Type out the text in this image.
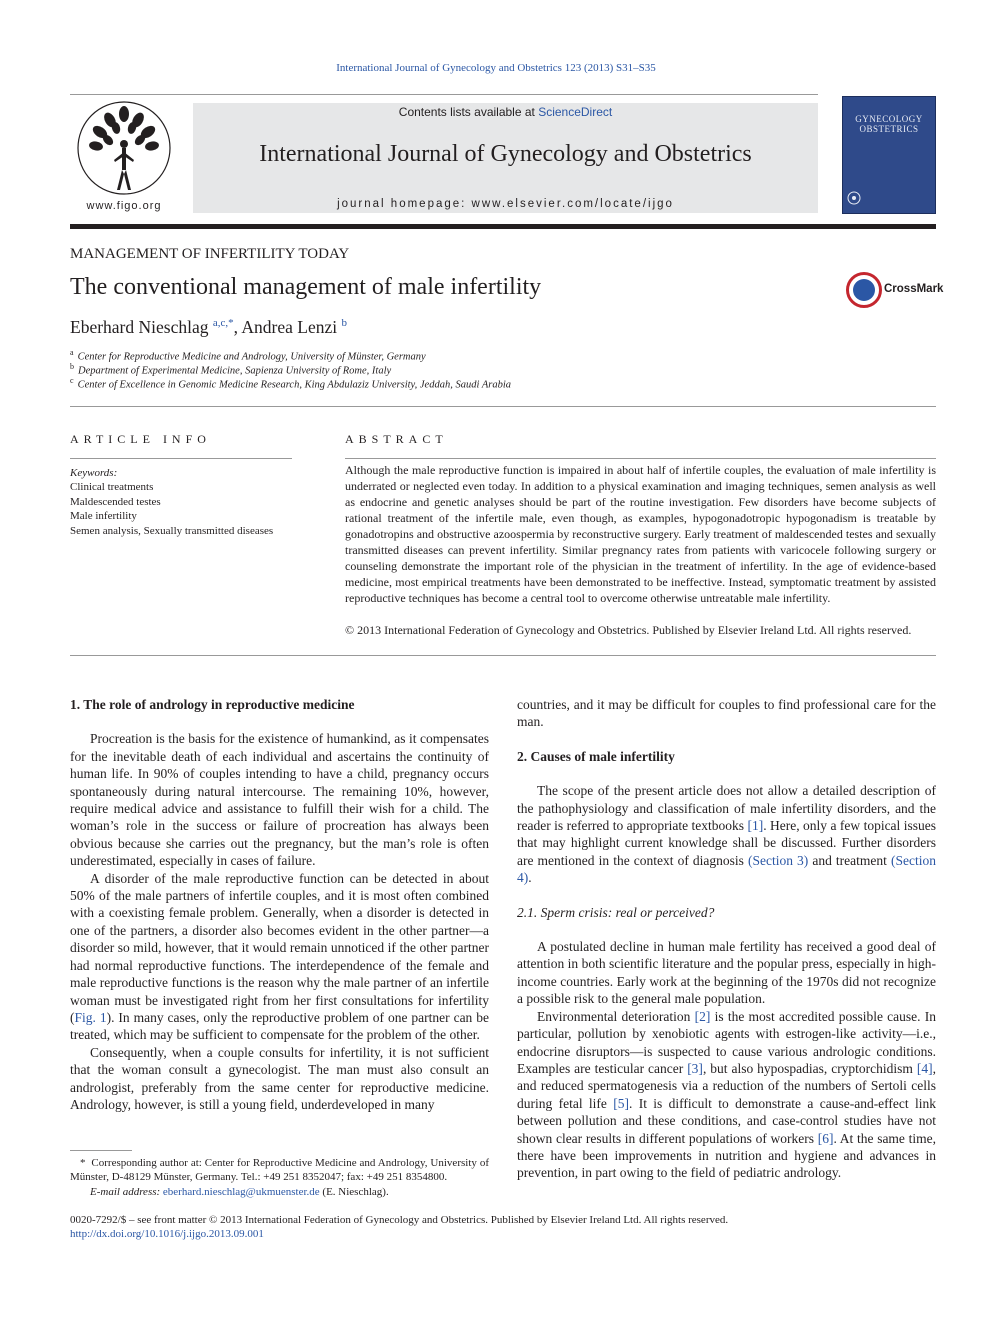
International Journal of Gynecology and Obstetrics 123 (2013) S31–S35
www.figo.org
Contents lists available at ScienceDirect
International Journal of Gynecology and Obstetrics
journal homepage: www.elsevier.com/locate/ijgo
GYNECOLOGY
OBSTETRICS
MANAGEMENT OF INFERTILITY TODAY
The conventional management of male infertility	CrossMark
Eberhard Nieschlag $^{a,c,*}$, Andrea Lenzi $^b$
$^a$ Center for Reproductive Medicine and Andrology, University of Münster, Germany
$^b$ Department of Experimental Medicine, Sapienza University of Rome, Italy
$^c$ Center of Excellence in Genomic Medicine Research, King Abdulaziz University, Jeddah, Saudi Arabia
ARTICLE INFO
Keywords:
Clinical treatments
Maldescended testes
Male infertility
Semen analysis, Sexually transmitted diseases
ABSTRACT
Although the male reproductive function is impaired in about half of infertile couples, the evaluation of male infertility is underrated or neglected even today. In addition to a physical examination and imaging techniques, semen analysis as well as endocrine and genetic analyses should be part of the routine investigation. Few disorders have become subjects of rational treatment of the infertile male, even though, as examples, hypogonadotropic hypogonadism is treatable by gonadotropins and obstructive azoospermia by reconstructive surgery. Early treatment of maldescended testes and sexually transmitted diseases can prevent infertility. Similar pregnancy rates from patients with varicocele following surgery or counseling demonstrate the important role of the physician in the treatment of infertility. In the age of evidence-based medicine, most empirical treatments have been demonstrated to be ineffective. Instead, symptomatic treatment by assisted reproductive techniques has become a central tool to overcome otherwise untreatable male infertility.
© 2013 International Federation of Gynecology and Obstetrics. Published by Elsevier Ireland Ltd. All rights reserved.
1. The role of andrology in reproductive medicine

Procreation is the basis for the existence of humankind, as it compensates for the inevitable death of each individual and ascertains the continuity of human life. In 90% of couples intending to have a child, pregnancy occurs spontaneously during natural intercourse. The remaining 10%, however, require medical advice and assistance to fulfill their wish for a child. The woman’s role in the success or failure of procreation has always been obvious because she carries out the pregnancy, but the man’s role is often underestimated, especially in cases of failure.

A disorder of the male reproductive function can be detected in about 50% of the male partners of infertile couples, and it is most often combined with a coexisting female problem. Generally, when a disorder is detected in one of the partners, a disorder also becomes evident in the other partner—a disorder so mild, however, that it would remain unnoticed if the other partner had normal reproductive functions. The interdependence of the female and male reproductive functions is the reason why the male partner of an infertile woman must be investigated right from her first consultations for infertility (Fig. 1). In many cases, only the reproductive problem of one partner can be treated, which may be sufficient to compensate for the problem of the other.

Consequently, when a couple consults for infertility, it is not sufficient that the woman consult a gynecologist. The man must also consult an andrologist, preferably from the same center for reproductive medicine. Andrology, however, is still a young field, underdeveloped in many

countries, and it may be difficult for couples to find professional care for the man.

2. Causes of male infertility

The scope of the present article does not allow a detailed description of the pathophysiology and classification of male infertility disorders, and the reader is referred to appropriate textbooks [1]. Here, only a few topical issues that may highlight current knowledge shall be discussed. Further disorders are mentioned in the context of diagnosis (Section 3) and treatment (Section 4).

2.1. Sperm crisis: real or perceived?

A postulated decline in human male fertility has received a good deal of attention in both scientific literature and the popular press, especially in high-income countries. Early work at the beginning of the 1970s did not recognize a possible risk to the general male population.

Environmental deterioration [2] is the most accredited possible cause. In particular, pollution by xenobiotic agents with estrogen-like activity—i.e., endocrine disruptors—is suspected to cause various andrologic conditions. Examples are testicular cancer [3], but also hypospadias, cryptorchidism [4], and reduced spermatogenesis via a reduction of the numbers of Sertoli cells during fetal life [5]. It is difficult to demonstrate a cause-and-effect link between pollution and these conditions, and case-control studies have not shown clear results in different populations of workers [6]. At the same time, there have been improvements in nutrition and hygiene and advances in prevention, in part owing to the field of pediatric andrology.

* Corresponding author at: Center for Reproductive Medicine and Andrology, University of Münster, D-48129 Münster, Germany. Tel.: +49 251 8352047; fax: +49 251 8354800.
E-mail address: eberhard.nieschlag@ukmuenster.de (E. Nieschlag).
0020-7292/$ – see front matter © 2013 International Federation of Gynecology and Obstetrics. Published by Elsevier Ireland Ltd. All rights reserved.
http://dx.doi.org/10.1016/j.ijgo.2013.09.001
